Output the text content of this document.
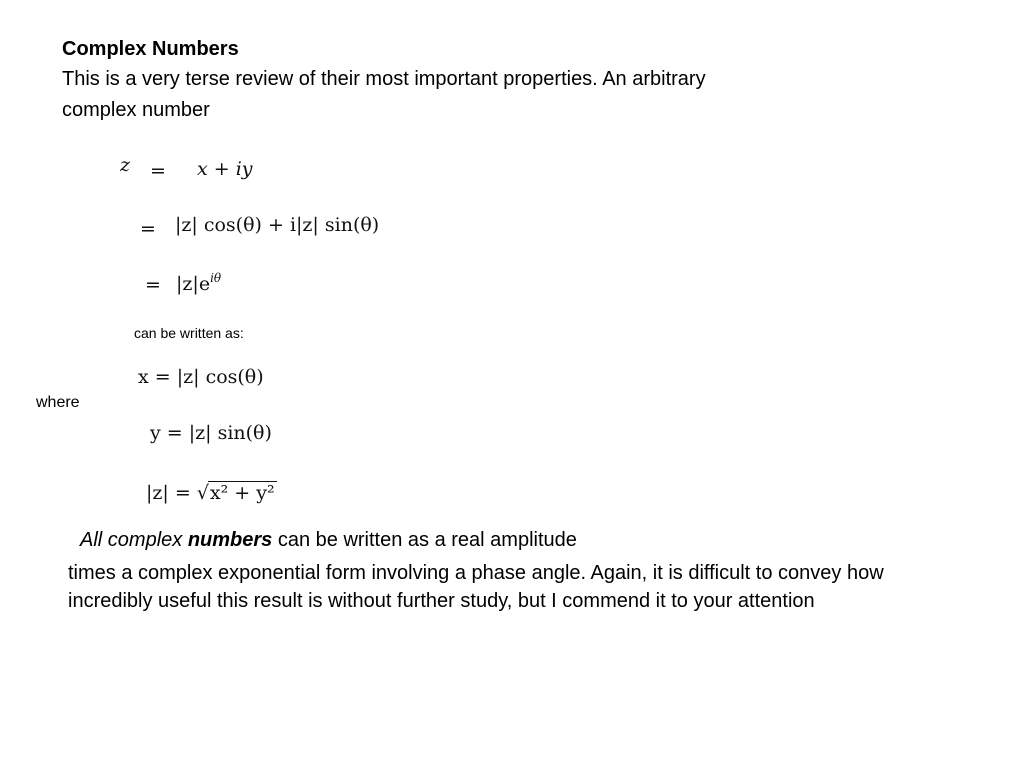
Complex Numbers
This is a very terse review of their most important properties. An arbitrary complex number
z = x + iy
= |z| cos(θ) + i|z| sin(θ)
= $|z|e^{i\theta}$
can be written as:
where
x = |z| cos(θ)
y = |z| sin(θ)
|z| = √x² + y²
All complex numbers can be written as a real amplitude
times a complex exponential form involving a phase angle. Again, it is difficult to convey how incredibly useful this result is without further study, but I commend it to your attention
